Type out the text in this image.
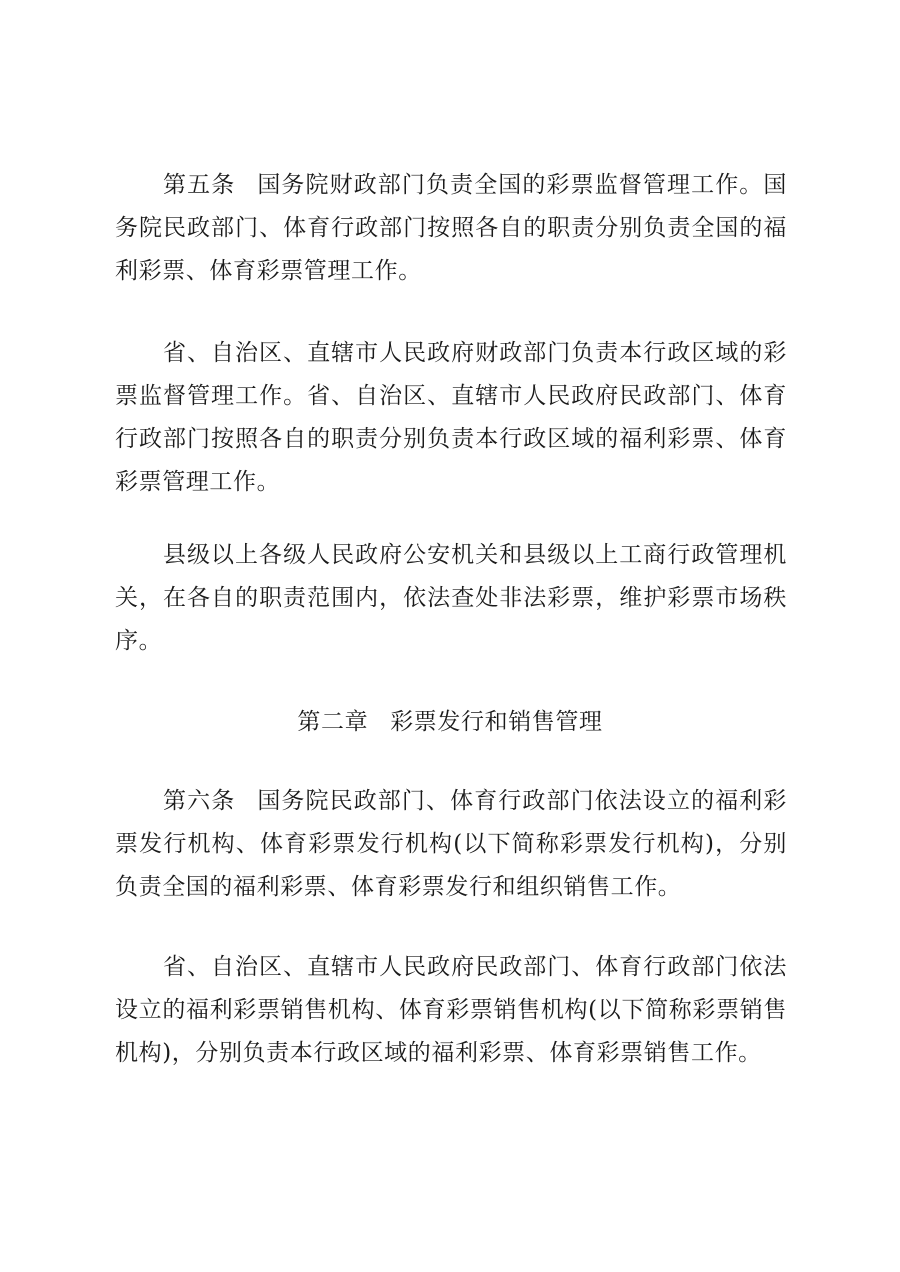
第五条 国务院财政部门负责全国的彩票监督管理工作。国务院民政部门、体育行政部门按照各自的职责分别负责全国的福利彩票、体育彩票管理工作。

省、自治区、直辖市人民政府财政部门负责本行政区域的彩票监督管理工作。省、自治区、直辖市人民政府民政部门、体育行政部门按照各自的职责分别负责本行政区域的福利彩票、体育彩票管理工作。

县级以上各级人民政府公安机关和县级以上工商行政管理机关，在各自的职责范围内，依法查处非法彩票，维护彩票市场秩序。

第二章 彩票发行和销售管理

第六条 国务院民政部门、体育行政部门依法设立的福利彩票发行机构、体育彩票发行机构(以下简称彩票发行机构)，分别负责全国的福利彩票、体育彩票发行和组织销售工作。

省、自治区、直辖市人民政府民政部门、体育行政部门依法设立的福利彩票销售机构、体育彩票销售机构(以下简称彩票销售机构)，分别负责本行政区域的福利彩票、体育彩票销售工作。
